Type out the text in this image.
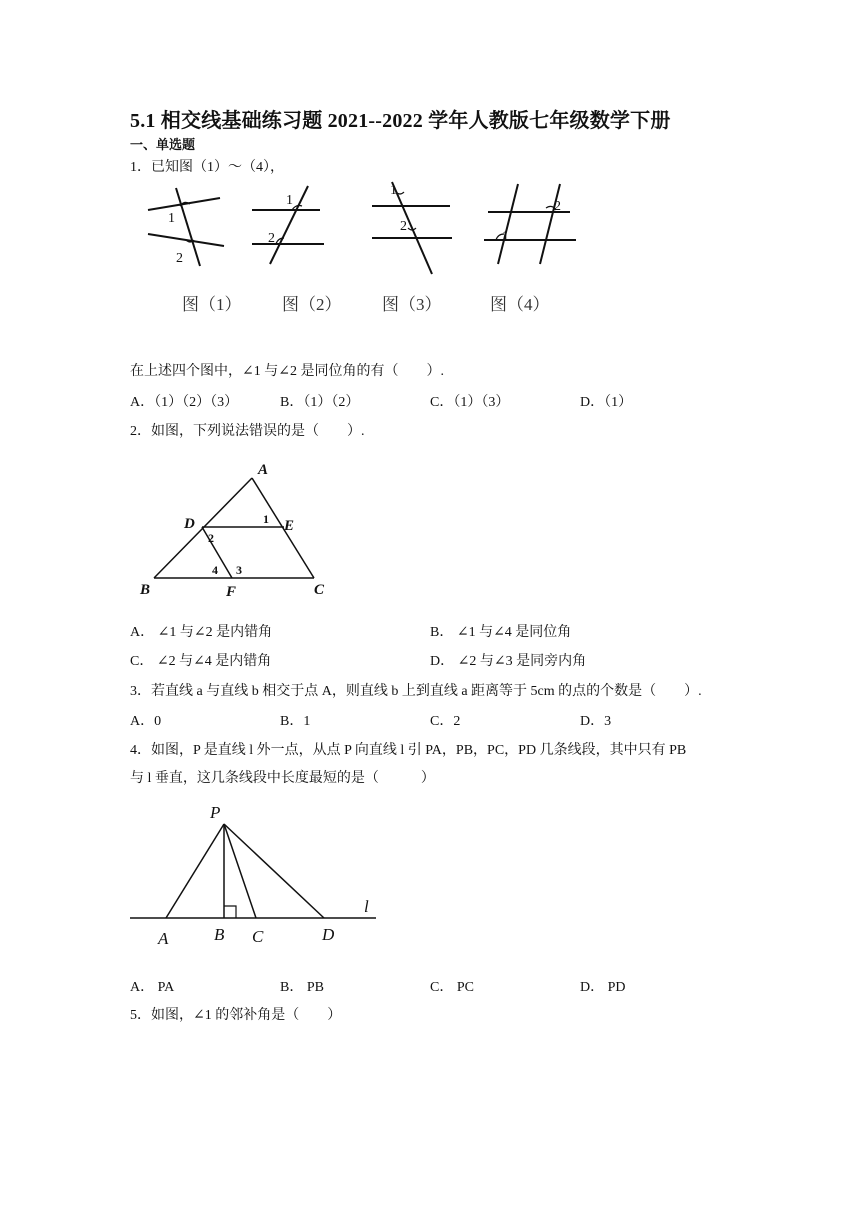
5.1 相交线基础练习题 2021--2022 学年人教版七年级数学下册
一、单选题
1．已知图（1）～（4），
1
2
1
2
1
2
1
2
图（1） 图（2） 图（3）	图（4）
在上述四个图中，∠1 与∠2 是同位角的有（　　）.
A．（1）（2）（3）	B．（1）（2）	C．（1）（3）	D．（1）
2．如图，下列说法错误的是（　　）.
A
D	E
B	F	C
1
2
3
4
A． ∠1 与∠2 是内错角	B． ∠1 与∠4 是同位角
C． ∠2 与∠4 是内错角	D． ∠2 与∠3 是同旁内角
3．若直线 a 与直线 b 相交于点 A，则直线 b 上到直线 a 距离等于 5cm 的点的个数是（　　）.
A．0	B．1	C．2	D．3
4．如图，P 是直线 l 外一点，从点 P 向直线 l 引 PA，PB，PC，PD 几条线段，其中只有 PB
与 l 垂直，这几条线段中长度最短的是（　　　）
P
l
A	B C	D
A． PA	B． PB	C． PC	D． PD
5．如图，∠1 的邻补角是（　　）
